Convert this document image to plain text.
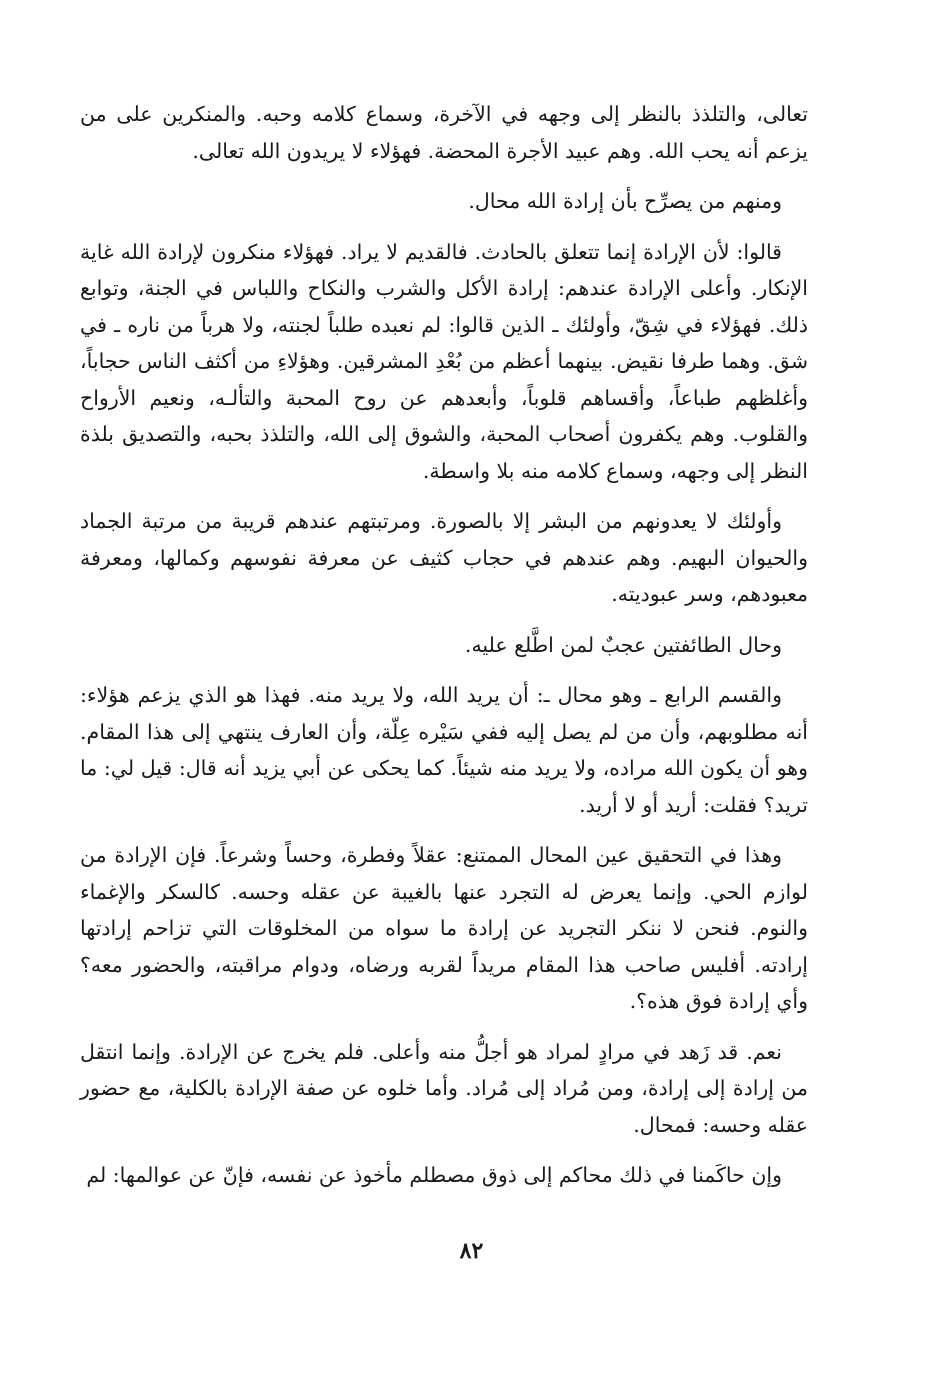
تعالى، والتلذذ بالنظر إلى وجهه في الآخرة، وسماع كلامه وحبه. والمنكرين على من يزعم أنه يحب الله. وهم عبيد الأجرة المحضة. فهؤلاء لا يريدون الله تعالى.

ومنهم من يصرِّح بأن إرادة الله محال.

قالوا: لأن الإرادة إنما تتعلق بالحادث. فالقديم لا يراد. فهؤلاء منكرون لإرادة الله غاية الإنكار. وأعلى الإرادة عندهم: إرادة الأكل والشرب والنكاح واللباس في الجنة، وتوابع ذلك. فهؤلاء في شِقّ، وأولئك ـ الذين قالوا: لم نعبده طلباً لجنته، ولا هرباً من ناره ـ في شق. وهما طرفا نقيض. بينهما أعظم من بُعْدِ المشرقين. وهؤلاءِ من أكثف الناس حجاباً، وأغلظهم طباعاً، وأقساهم قلوباً، وأبعدهم عن روح المحبة والتألـه، ونعيم الأرواح والقلوب. وهم يكفرون أصحاب المحبة، والشوق إلى الله، والتلذذ بحبه، والتصديق بلذة النظر إلى وجهه، وسماع كلامه منه بلا واسطة.

وأولئك لا يعدونهم من البشر إلا بالصورة. ومرتبتهم عندهم قريبة من مرتبة الجماد والحيوان البهيم. وهم عندهم في حجاب كثيف عن معرفة نفوسهم وكمالها، ومعرفة معبودهم، وسر عبوديته.

وحال الطائفتين عجبٌ لمن اطَّلع عليه.

والقسم الرابع ـ وهو محال ـ: أن يريد الله، ولا يريد منه. فهذا هو الذي يزعم هؤلاء: أنه مطلوبهم، وأن من لم يصل إليه ففي سَيْره عِلّة، وأن العارف ينتهي إلى هذا المقام. وهو أن يكون الله مراده، ولا يريد منه شيئاً. كما يحكى عن أبي يزيد أنه قال: قيل لي: ما تريد؟ فقلت: أريد أو لا أريد.

وهذا في التحقيق عين المحال الممتنع: عقلاً وفطرة، وحساً وشرعاً. فإن الإرادة من لوازم الحي. وإنما يعرض له التجرد عنها بالغيبة عن عقله وحسه. كالسكر والإغماء والنوم. فنحن لا ننكر التجريد عن إرادة ما سواه من المخلوقات التي تزاحم إرادتها إرادته. أفليس صاحب هذا المقام مريداً لقربه ورضاه، ودوام مراقبته، والحضور معه؟ وأي إرادة فوق هذه؟.

نعم. قد زَهد في مرادٍ لمراد هو أجلُّ منه وأعلى. فلم يخرج عن الإرادة. وإنما انتقل من إرادة إلى إرادة، ومن مُراد إلى مُراد. وأما خلوه عن صفة الإرادة بالكلية، مع حضور عقله وحسه: فمحال.

وإن حاكَمنا في ذلك محاكم إلى ذوق مصطلم مأخوذ عن نفسه، فإنّ عن عوالمها: لم

٨٢
